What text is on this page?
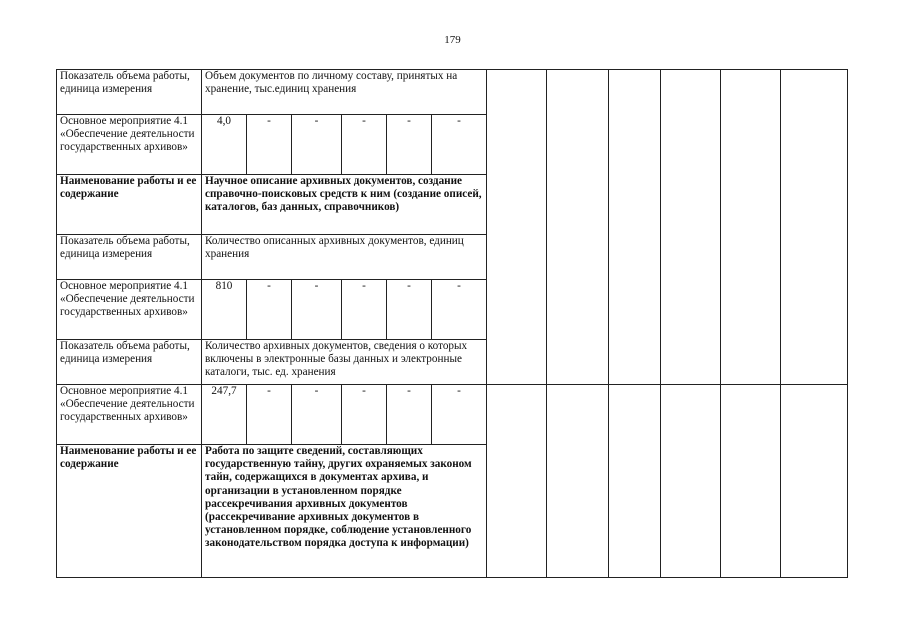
179
Показатель объема работы, единица измерения	Объем документов по личному составу, принятых на хранение, тыс.единиц хранения											
Основное мероприятие 4.1 «Обеспечение деятельности государственных архивов»	4,0	-	-	-	-	-						
Наименование работы и ее содержание	Научное описание архивных документов, создание справочно-поисковых средств к ним (создание описей, каталогов, баз данных, справочников)											
Показатель объема работы, единица измерения	Количество описанных архивных документов, единиц хранения											
Основное мероприятие 4.1 «Обеспечение деятельности государственных архивов»	810	-	-	-	-	-						
Показатель объема работы, единица измерения	Количество архивных документов, сведения о которых включены в электронные базы данных и электронные каталоги, тыс. ед. хранения											
Основное мероприятие 4.1 «Обеспечение деятельности государственных архивов»	247,7	-	-	-	-	-						
Наименование работы и ее содержание	Работа по защите сведений, составляющих государственную тайну, других охраняемых законом тайн, содержащихся в документах архива, и организации в установленном порядке рассекречивания архивных документов (рассекречивание архивных документов в установленном порядке, соблюдение установленного законодательством порядка доступа к информации)											
